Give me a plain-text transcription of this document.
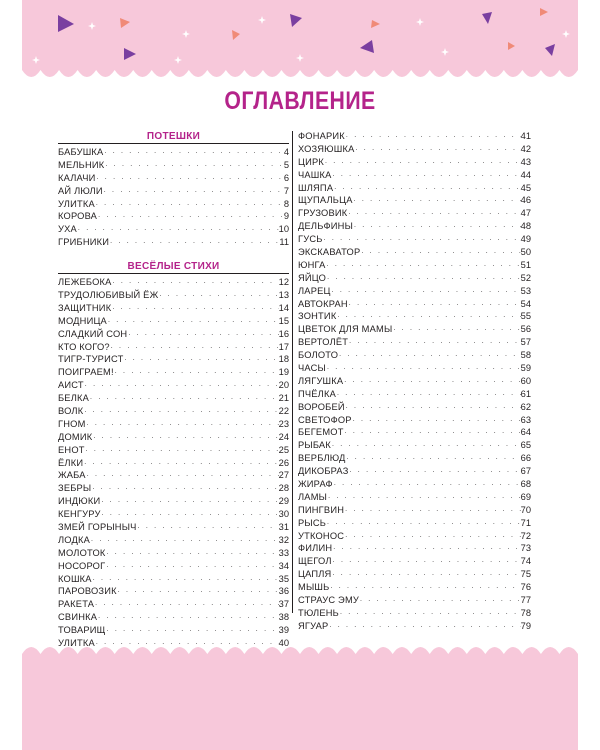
ОГЛАВЛЕНИЕ
ПОТЕШКИ
БАБУШКА . . .	4
МЕЛЬНИК . . .	5
КАЛАЧИ . . .	6
АЙ ЛЮЛИ . . .	7
УЛИТКА . . .	8
КОРОВА . . .	9
УХА . . .	10
ГРИБНИКИ . . .	11
ВЕСЁЛЫЕ СТИХИ
ЛЕЖЕБОКА . . .	12
ТРУДОЛЮБИВЫЙ ЁЖ . . .	13
ЗАЩИТНИК . . .	14
МОДНИЦА . . .	15
СЛАДКИЙ СОН . . .	16
КТО КОГО? . . .	17
ТИГР-ТУРИСТ . . .	18
ПОИГРАЕМ! . . .	19
АИСТ . . .	20
БЕЛКА . . .	21
ВОЛК . . .	22
ГНОМ . . .	23
ДОМИК . . .	24
ЕНОТ . . .	25
ЁЛКИ . . .	26
ЖАБА . . .	27
ЗЕБРЫ . . .	28
ИНДЮКИ . . .	29
КЕНГУРУ . . .	30
ЗМЕЙ ГОРЫНЫЧ . . .	31
ЛОДКА . . .	32
МОЛОТОК . . .	33
НОСОРОГ . . .	34
КОШКА . . .	35
ПАРОВОЗИК . . .	36
РАКЕТА . . .	37
СВИНКА . . .	38
ТОВАРИЩ . . .	39
УЛИТКА . . .	40
ФОНАРИК . . .	41
ХОЗЯЮШКА . . .	42
ЦИРК . . .	43
ЧАШКА . . .	44
ШЛЯПА . . .	45
ЩУПАЛЬЦА . . .	46
ГРУЗОВИК . . .	47
ДЕЛЬФИНЫ . . .	48
ГУСЬ . . .	49
ЭКСКАВАТОР . . .	50
ЮНГА . . .	51
ЯЙЦО . . .	52
ЛАРЕЦ . . .	53
АВТОКРАН . . .	54
ЗОНТИК . . .	55
ЦВЕТОК ДЛЯ МАМЫ . . .	56
ВЕРТОЛЁТ . . .	57
БОЛОТО . . .	58
ЧАСЫ . . .	59
ЛЯГУШКА . . .	60
ПЧЁЛКА . . .	61
ВОРОБЕЙ . . .	62
СВЕТОФОР . . .	63
БЕГЕМОТ . . .	64
РЫБАК . . .	65
ВЕРБЛЮД . . .	66
ДИКОБРАЗ . . .	67
ЖИРАФ . . .	68
ЛАМЫ . . .	69
ПИНГВИН . . .	70
РЫСЬ . . .	71
УТКОНОС . . .	72
ФИЛИН . . .	73
ЩЕГОЛ . . .	74
ЦАПЛЯ . . .	75
МЫШЬ . . .	76
СТРАУС ЭМУ . . .	77
ТЮЛЕНЬ . . .	78
ЯГУАР . . .	79
